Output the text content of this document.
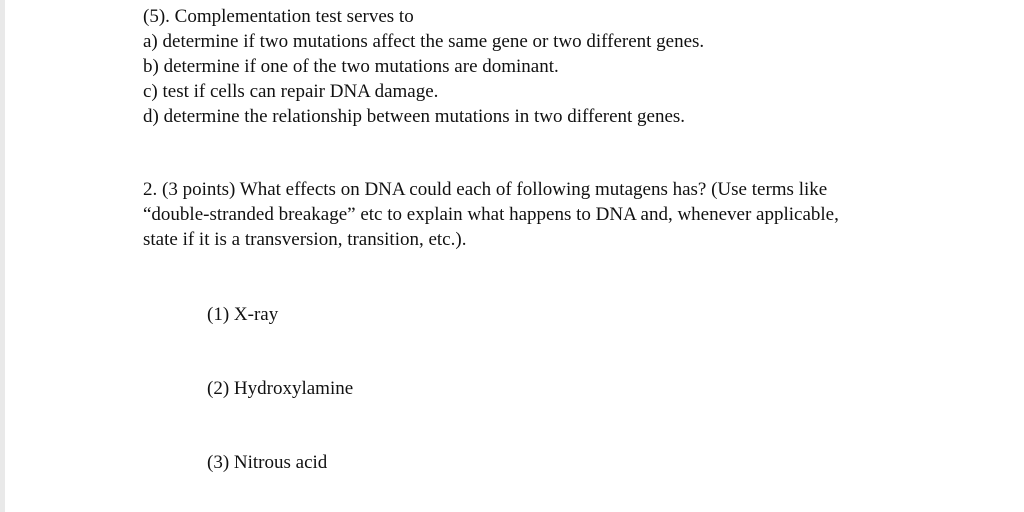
(5). Complementation test serves to
a) determine if two mutations affect the same gene or two different genes.
b) determine if one of the two mutations are dominant.
c) test if cells can repair DNA damage.
d) determine the relationship between mutations in two different genes.
2. (3 points) What effects on DNA could each of following mutagens has? (Use terms like
“double-stranded breakage” etc to explain what happens to DNA and, whenever applicable,
state if it is a transversion, transition, etc.).
(1) X-ray
(2) Hydroxylamine
(3) Nitrous acid
